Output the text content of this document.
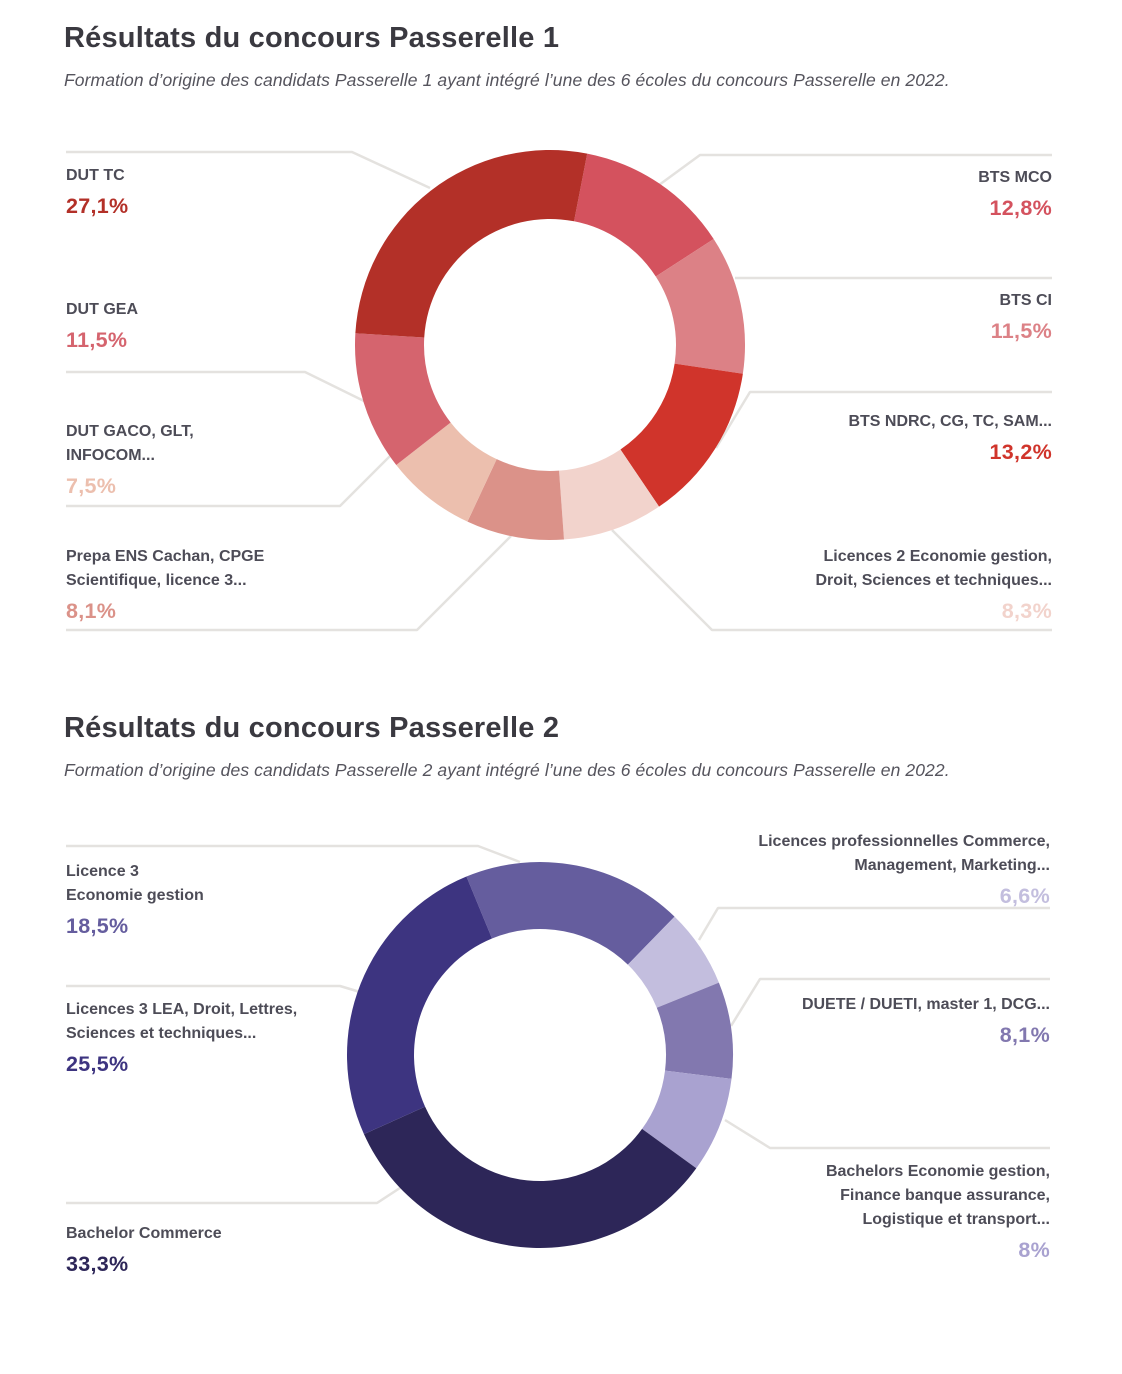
Résultats du concours Passerelle 1

Formation d’origine des candidats Passerelle 1 ayant intégré l’une des 6 écoles du concours Passerelle en 2022.

BTS MCO
12,8%
BTS CI
11,5%
BTS NDRC, CG, TC, SAM...
13,2%
Licences 2 Economie gestion,
Droit, Sciences et techniques...
8,3%
Prepa ENS Cachan, CPGE
Scientifique, licence 3...
8,1%
DUT GACO, GLT,
INFOCOM...
7,5%
DUT GEA
11,5%
DUT TC
27,1%
Résultats du concours Passerelle 2

Formation d’origine des candidats Passerelle 2 ayant intégré l’une des 6 écoles du concours Passerelle en 2022.

Licence 3
Economie gestion
18,5%
Licences professionnelles Commerce,
Management, Marketing...
6,6%
DUETE / DUETI, master 1, DCG...
8,1%
Bachelors Economie gestion,
Finance banque assurance,
Logistique et transport...
8%
Bachelor Commerce
33,3%
Licences 3 LEA, Droit, Lettres,
Sciences et techniques...
25,5%
